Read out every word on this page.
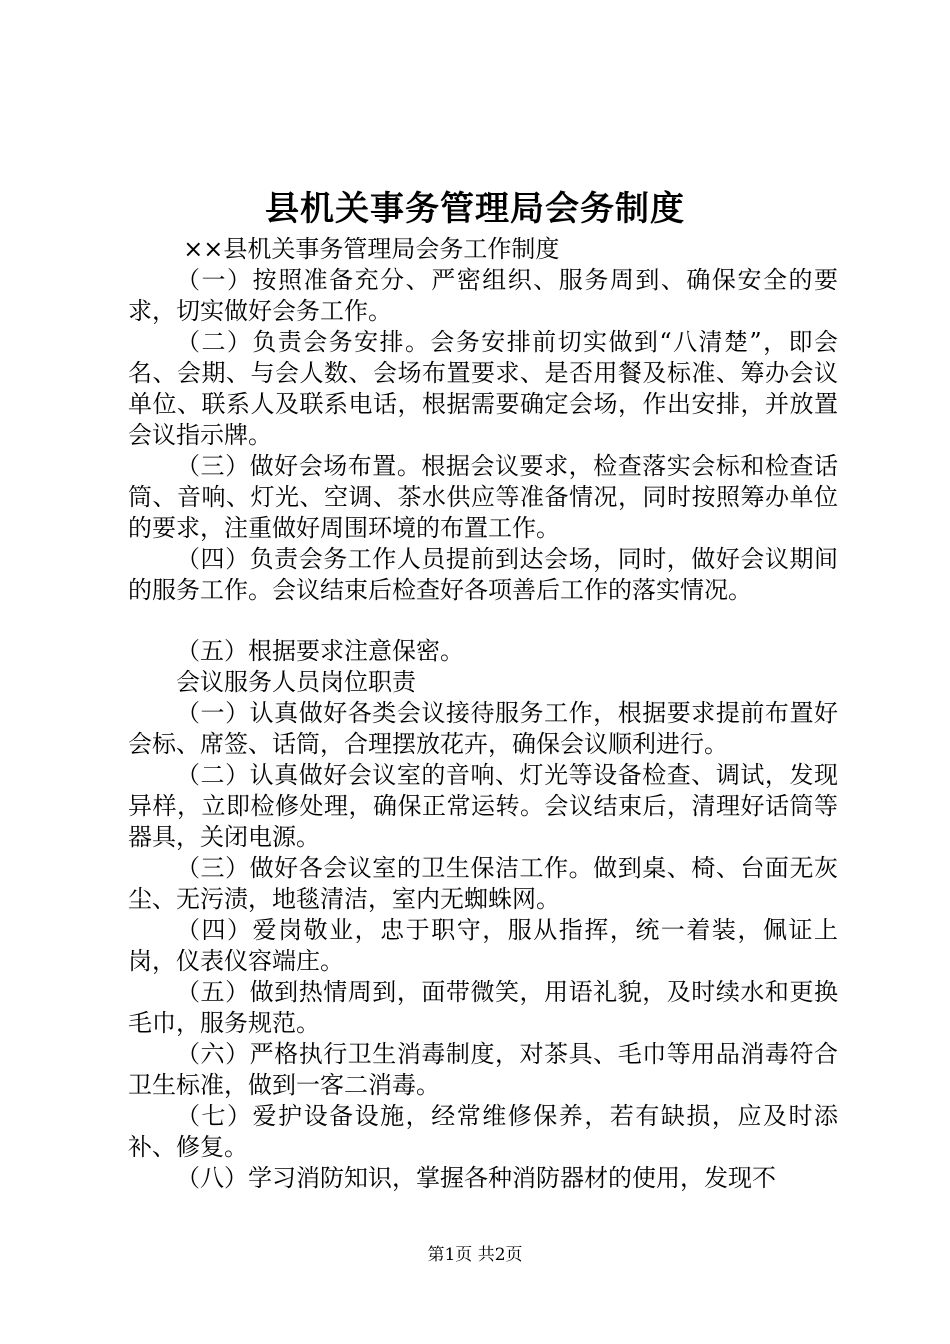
县机关事务管理局会务制度

××县机关事务管理局会务工作制度

（一）按照准备充分、严密组织、服务周到、确保安全的要求，切实做好会务工作。

（二）负责会务安排。会务安排前切实做到“八清楚”，即会名、会期、与会人数、会场布置要求、是否用餐及标准、筹办会议单位、联系人及联系电话，根据需要确定会场，作出安排，并放置会议指示牌。

（三）做好会场布置。根据会议要求，检查落实会标和检查话筒、音响、灯光、空调、茶水供应等准备情况，同时按照筹办单位的要求，注重做好周围环境的布置工作。

（四）负责会务工作人员提前到达会场，同时，做好会议期间的服务工作。会议结束后检查好各项善后工作的落实情况。

（五）根据要求注意保密。

会议服务人员岗位职责

（一）认真做好各类会议接待服务工作，根据要求提前布置好会标、席签、话筒，合理摆放花卉，确保会议顺利进行。

（二）认真做好会议室的音响、灯光等设备检查、调试，发现异样，立即检修处理，确保正常运转。会议结束后，清理好话筒等器具，关闭电源。

（三）做好各会议室的卫生保洁工作。做到桌、椅、台面无灰尘、无污渍，地毯清洁，室内无蜘蛛网。

（四）爱岗敬业，忠于职守，服从指挥，统一着装，佩证上岗，仪表仪容端庄。

（五）做到热情周到，面带微笑，用语礼貌，及时续水和更换毛巾，服务规范。

（六）严格执行卫生消毒制度，对茶具、毛巾等用品消毒符合卫生标准，做到一客二消毒。

（七）爱护设备设施，经常维修保养，若有缺损，应及时添补、修复。

（八）学习消防知识，掌握各种消防器材的使用，发现不

第1页 共2页
